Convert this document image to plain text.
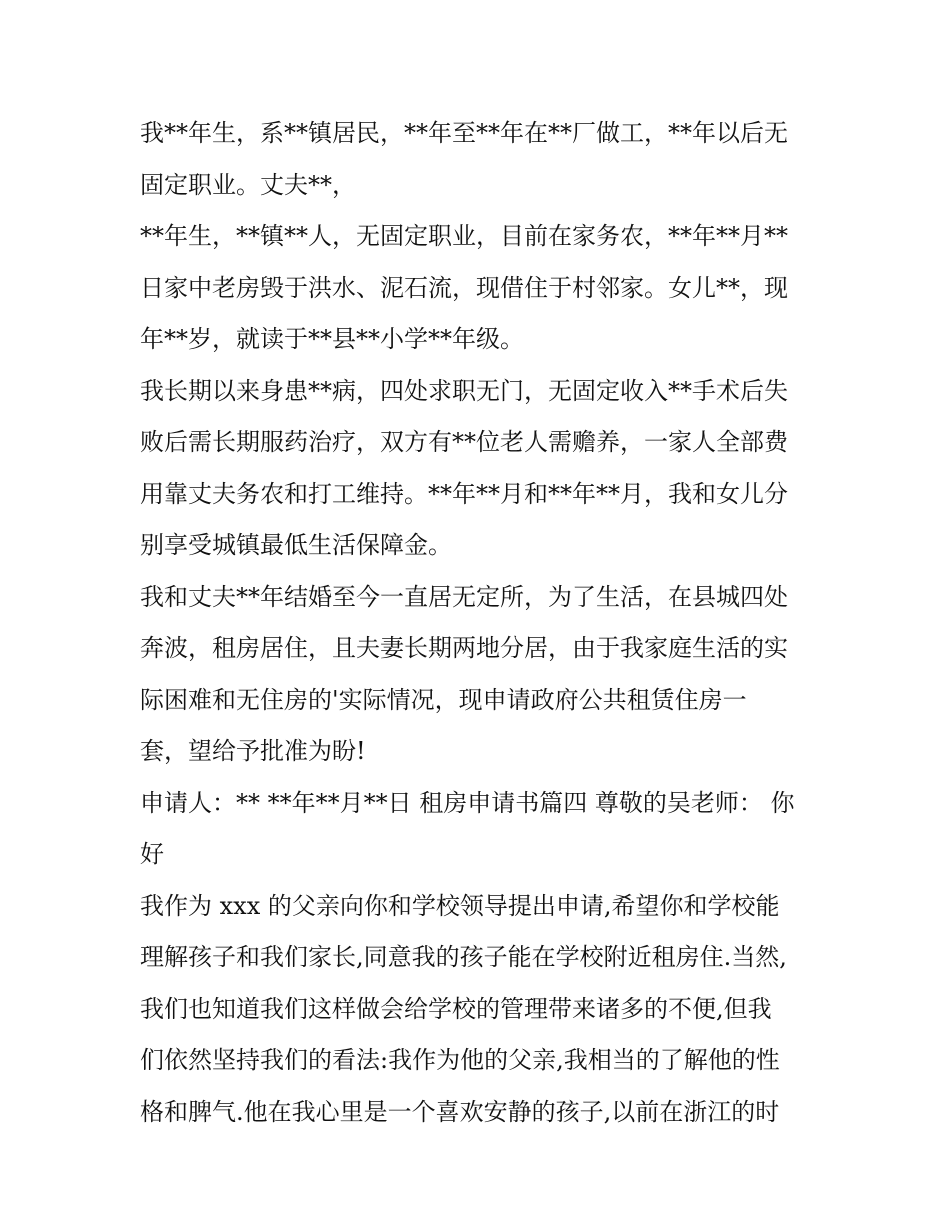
我**年生，系**镇居民，**年至**年在**厂做工，**年以后无
固定职业。丈夫**，
**年生，**镇**人，无固定职业，目前在家务农，**年**月**
日家中老房毁于洪水、泥石流，现借住于村邻家。女儿**，现
年**岁，就读于**县**小学**年级。
我长期以来身患**病，四处求职无门，无固定收入**手术后失
败后需长期服药治疗，双方有**位老人需赡养，一家人全部费
用靠丈夫务农和打工维持。**年**月和**年**月，我和女儿分
别享受城镇最低生活保障金。
我和丈夫**年结婚至今一直居无定所，为了生活，在县城四处
奔波，租房居住，且夫妻长期两地分居，由于我家庭生活的实
际困难和无住房的'实际情况，现申请政府公共租赁住房一
套，望给予批准为盼!
申请人：** **年**月**日 租房申请书篇四 尊敬的吴老师： 你
好
我作为 xxx 的父亲向你和学校领导提出申请,希望你和学校能
理解孩子和我们家长,同意我的孩子能在学校附近租房住.当然,
我们也知道我们这样做会给学校的管理带来诸多的不便,但我
们依然坚持我们的看法:我作为他的父亲,我相当的了解他的性
格和脾气.他在我心里是一个喜欢安静的孩子,以前在浙江的时
